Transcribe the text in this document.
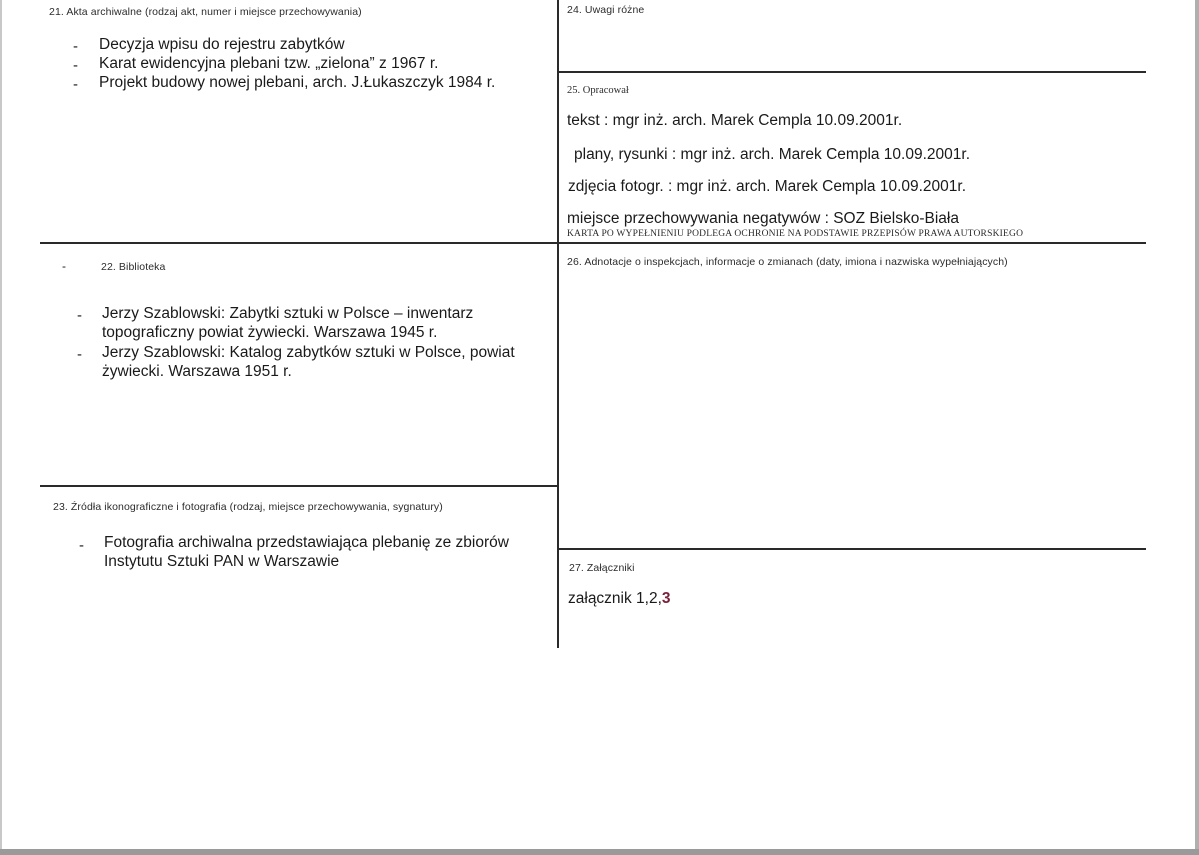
21. Akta archiwalne (rodzaj akt, numer i miejsce przechowywania)
- Decyzja wpisu do rejestru zabytków
- Karat ewidencyjna plebani tzw. „zielona” z 1967 r.
- Projekt budowy nowej plebani, arch. J.Łukaszczyk 1984 r.
-	22. Biblioteka
- Jerzy Szablowski: Zabytki sztuki w Polsce – inwentarz
topograficzny powiat żywiecki. Warszawa 1945 r.
- Jerzy Szablowski: Katalog zabytków sztuki w Polsce, powiat
żywiecki. Warszawa 1951 r.
23. Źródła ikonograficzne i fotografia (rodzaj, miejsce przechowywania, sygnatury)
- Fotografia archiwalna przedstawiająca plebanię ze zbiorów
Instytutu Sztuki PAN w Warszawie
24. Uwagi różne
25. Opracował
tekst : mgr inż. arch. Marek Cempla 10.09.2001r.
plany, rysunki : mgr inż. arch. Marek Cempla 10.09.2001r.
zdjęcia fotogr. : mgr inż. arch. Marek Cempla 10.09.2001r.
miejsce przechowywania negatywów : SOZ Bielsko-Biała
KARTA PO WYPEŁNIENIU PODLEGA OCHRONIE NA PODSTAWIE PRZEPISÓW PRAWA AUTORSKIEGO
26. Adnotacje o inspekcjach, informacje o zmianach (daty, imiona i nazwiska wypełniających)
27. Załączniki
załącznik 1,2,3
